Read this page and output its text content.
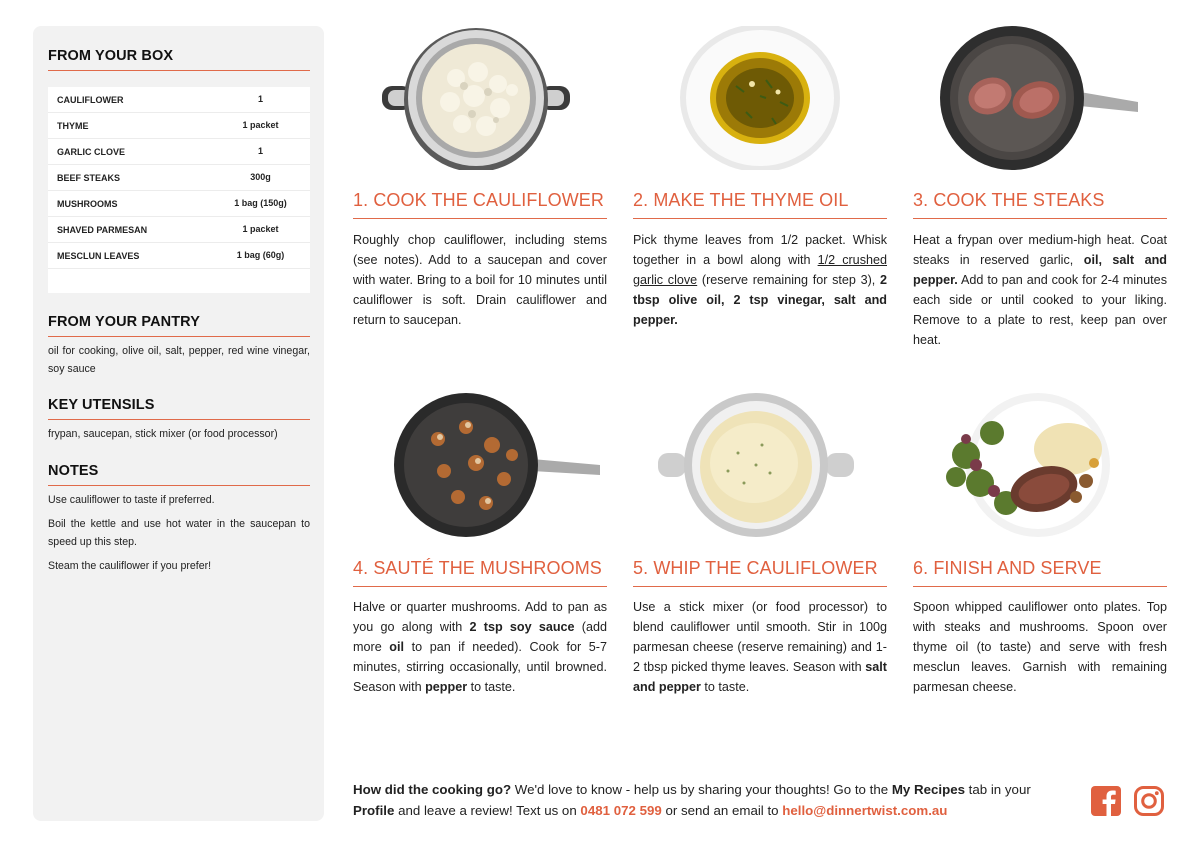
FROM YOUR BOX
CAULIFLOWER	1
THYME	1 packet
GARLIC CLOVE	1
BEEF STEAKS	300g
MUSHROOMS	1 bag (150g)
SHAVED PARMESAN	1 packet
MESCLUN LEAVES	1 bag (60g)
FROM YOUR PANTRY
oil for cooking, olive oil, salt, pepper, red wine vinegar, soy sauce
KEY UTENSILS
frypan, saucepan, stick mixer (or food processor)
NOTES
Use cauliflower to taste if preferred.
Boil the kettle and use hot water in the saucepan to speed up this step.
Steam the cauliflower if you prefer!
1. COOK THE CAULIFLOWER
Roughly chop cauliflower, including stems (see notes). Add to a saucepan and cover with water. Bring to a boil for 10 minutes until cauliflower is soft. Drain cauliflower and return to saucepan.
2. MAKE THE THYME OIL
Pick thyme leaves from 1/2 packet. Whisk together in a bowl along with 1/2 crushed garlic clove (reserve remaining for step 3), 2 tbsp olive oil, 2 tsp vinegar, salt and pepper.
3. COOK THE STEAKS
Heat a frypan over medium-high heat. Coat steaks in reserved garlic, oil, salt and pepper. Add to pan and cook for 2-4 minutes each side or until cooked to your liking. Remove to a plate to rest, keep pan over heat.
4. SAUTÉ THE MUSHROOMS
Halve or quarter mushrooms. Add to pan as you go along with 2 tsp soy sauce (add more oil to pan if needed). Cook for 5-7 minutes, stirring occasionally, until browned. Season with pepper to taste.
5. WHIP THE CAULIFLOWER
Use a stick mixer (or food processor) to blend cauliflower until smooth. Stir in 100g parmesan cheese (reserve remaining) and 1-2 tbsp picked thyme leaves. Season with salt and pepper to taste.
6. FINISH AND SERVE
Spoon whipped cauliflower onto plates. Top with steaks and mushrooms. Spoon over thyme oil (to taste) and serve with fresh mesclun leaves. Garnish with remaining parmesan cheese.
How did the cooking go? We'd love to know - help us by sharing your thoughts! Go to the My Recipes tab in your Profile and leave a review! Text us on 0481 072 599 or send an email to hello@dinnertwist.com.au
